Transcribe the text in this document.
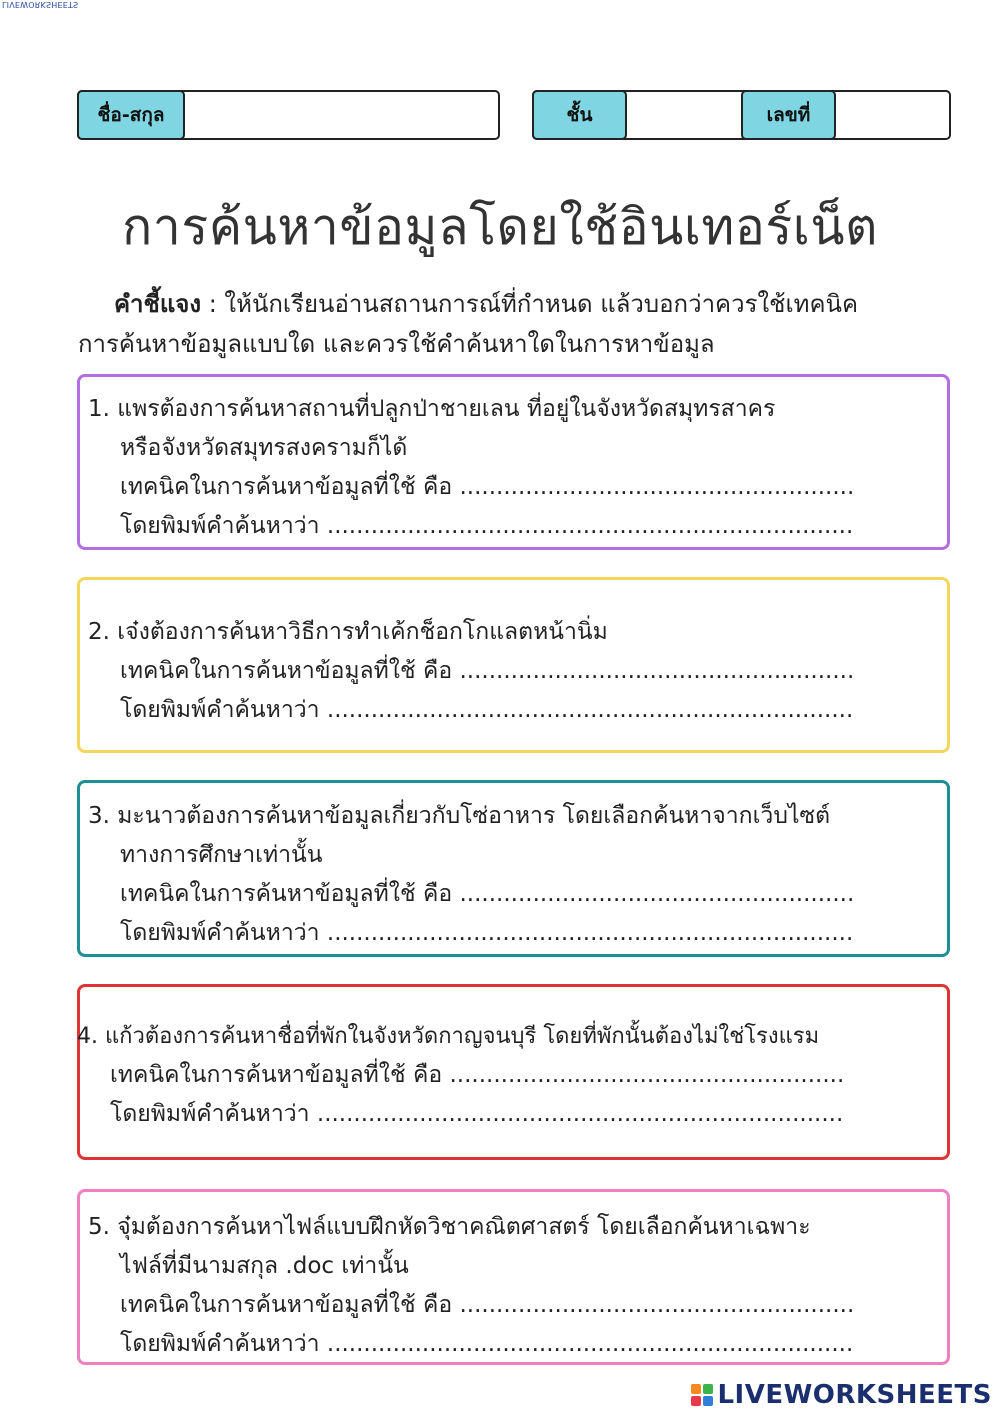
LIVEWORKSHEETS
ชื่อ-สกุล	ชั้น	เลขที่
การค้นหาข้อมูลโดยใช้อินเทอร์เน็ต
คำชี้แจง : ให้นักเรียนอ่านสถานการณ์ที่กำหนด แล้วบอกว่าควรใช้เทคนิค
การค้นหาข้อมูลแบบใด และควรใช้คำค้นหาใดในการหาข้อมูล
1. แพรต้องการค้นหาสถานที่ปลูกป่าชายเลน ที่อยู่ในจังหวัดสมุทรสาคร
หรือจังหวัดสมุทรสงครามก็ได้
เทคนิคในการค้นหาข้อมูลที่ใช้ คือ ......................................................
โดยพิมพ์คำค้นหาว่า ........................................................................
2. เจ๋งต้องการค้นหาวิธีการทำเค้กช็อกโกแลตหน้านิ่ม
เทคนิคในการค้นหาข้อมูลที่ใช้ คือ ......................................................
โดยพิมพ์คำค้นหาว่า ........................................................................
3. มะนาวต้องการค้นหาข้อมูลเกี่ยวกับโซ่อาหาร โดยเลือกค้นหาจากเว็บไซต์
ทางการศึกษาเท่านั้น
เทคนิคในการค้นหาข้อมูลที่ใช้ คือ ......................................................
โดยพิมพ์คำค้นหาว่า ........................................................................
4. แก้วต้องการค้นหาชื่อที่พักในจังหวัดกาญจนบุรี โดยที่พักนั้นต้องไม่ใช่โรงแรม
เทคนิคในการค้นหาข้อมูลที่ใช้ คือ ......................................................
โดยพิมพ์คำค้นหาว่า ........................................................................
5. จุ๋มต้องการค้นหาไฟล์แบบฝึกหัดวิชาคณิตศาสตร์ โดยเลือกค้นหาเฉพาะ
ไฟล์ที่มีนามสกุล .doc เท่านั้น
เทคนิคในการค้นหาข้อมูลที่ใช้ คือ ......................................................
โดยพิมพ์คำค้นหาว่า ........................................................................
LIVEWORKSHEETS
